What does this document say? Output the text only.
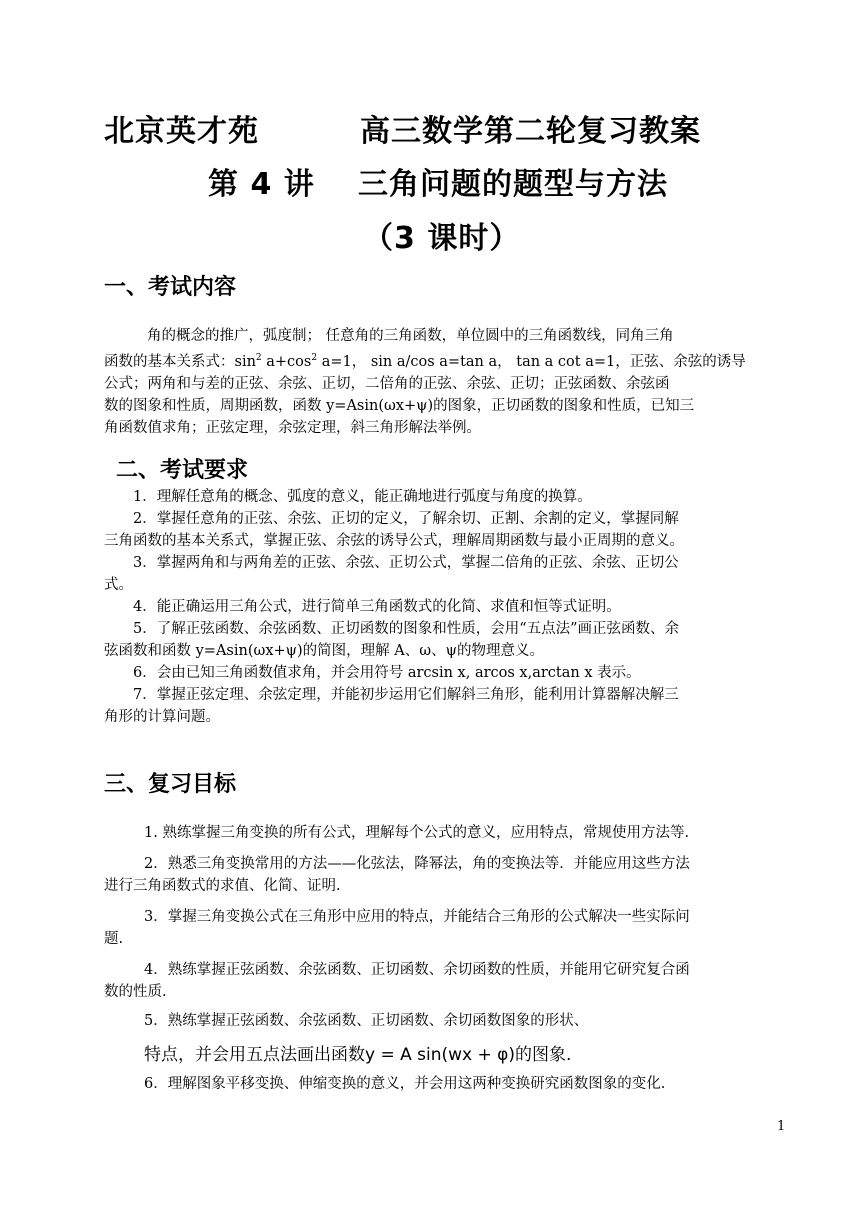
北京英才苑	高三数学第二轮复习教案
第 4 讲 三角问题的题型与方法
（3 课时）
一、考试内容
角的概念的推广，弧度制； 任意角的三角函数，单位圆中的三角函数线，同角三角
函数的基本关系式：$\sin^2 a+\cos^2$ a=1， sin a/cos a=tan a， tan a cot a=1，正弦、余弦的诱导
公式；两角和与差的正弦、余弦、正切，二倍角的正弦、余弦、正切；正弦函数、余弦函
数的图象和性质，周期函数，函数 y=Asin(ωx+ψ)的图象，正切函数的图象和性质，已知三
角函数值求角；正弦定理，余弦定理，斜三角形解法举例。
二、考试要求
1．理解任意角的概念、弧度的意义，能正确地进行弧度与角度的换算。
2．掌握任意角的正弦、余弦、正切的定义，了解余切、正割、余割的定义，掌握同解
三角函数的基本关系式，掌握正弦、余弦的诱导公式，理解周期函数与最小正周期的意义。
3．掌握两角和与两角差的正弦、余弦、正切公式，掌握二倍角的正弦、余弦、正切公
式。
4．能正确运用三角公式，进行简单三角函数式的化简、求值和恒等式证明。
5．了解正弦函数、余弦函数、正切函数的图象和性质，会用“五点法”画正弦函数、余
弦函数和函数 y=Asin(ωx+ψ)的简图，理解 A、ω、ψ的物理意义。
6．会由已知三角函数值求角，并会用符号 arcsin x, arcos x,arctan x 表示。
7．掌握正弦定理、余弦定理，并能初步运用它们解斜三角形，能利用计算器解决解三
角形的计算问题。
三、复习目标
1. 熟练掌握三角变换的所有公式，理解每个公式的意义，应用特点，常规使用方法等.
2．熟悉三角变换常用的方法——化弦法，降幂法，角的变换法等．并能应用这些方法
进行三角函数式的求值、化简、证明.
3．掌握三角变换公式在三角形中应用的特点，并能结合三角形的公式解决一些实际问
题.
4．熟练掌握正弦函数、余弦函数、正切函数、余切函数的性质，并能用它研究复合函
数的性质.
5．熟练掌握正弦函数、余弦函数、正切函数、余切函数图象的形状、
特点，并会用五点法画出函数y = A sin(wx + φ)的图象.
6．理解图象平移变换、伸缩变换的意义，并会用这两种变换研究函数图象的变化.
1
